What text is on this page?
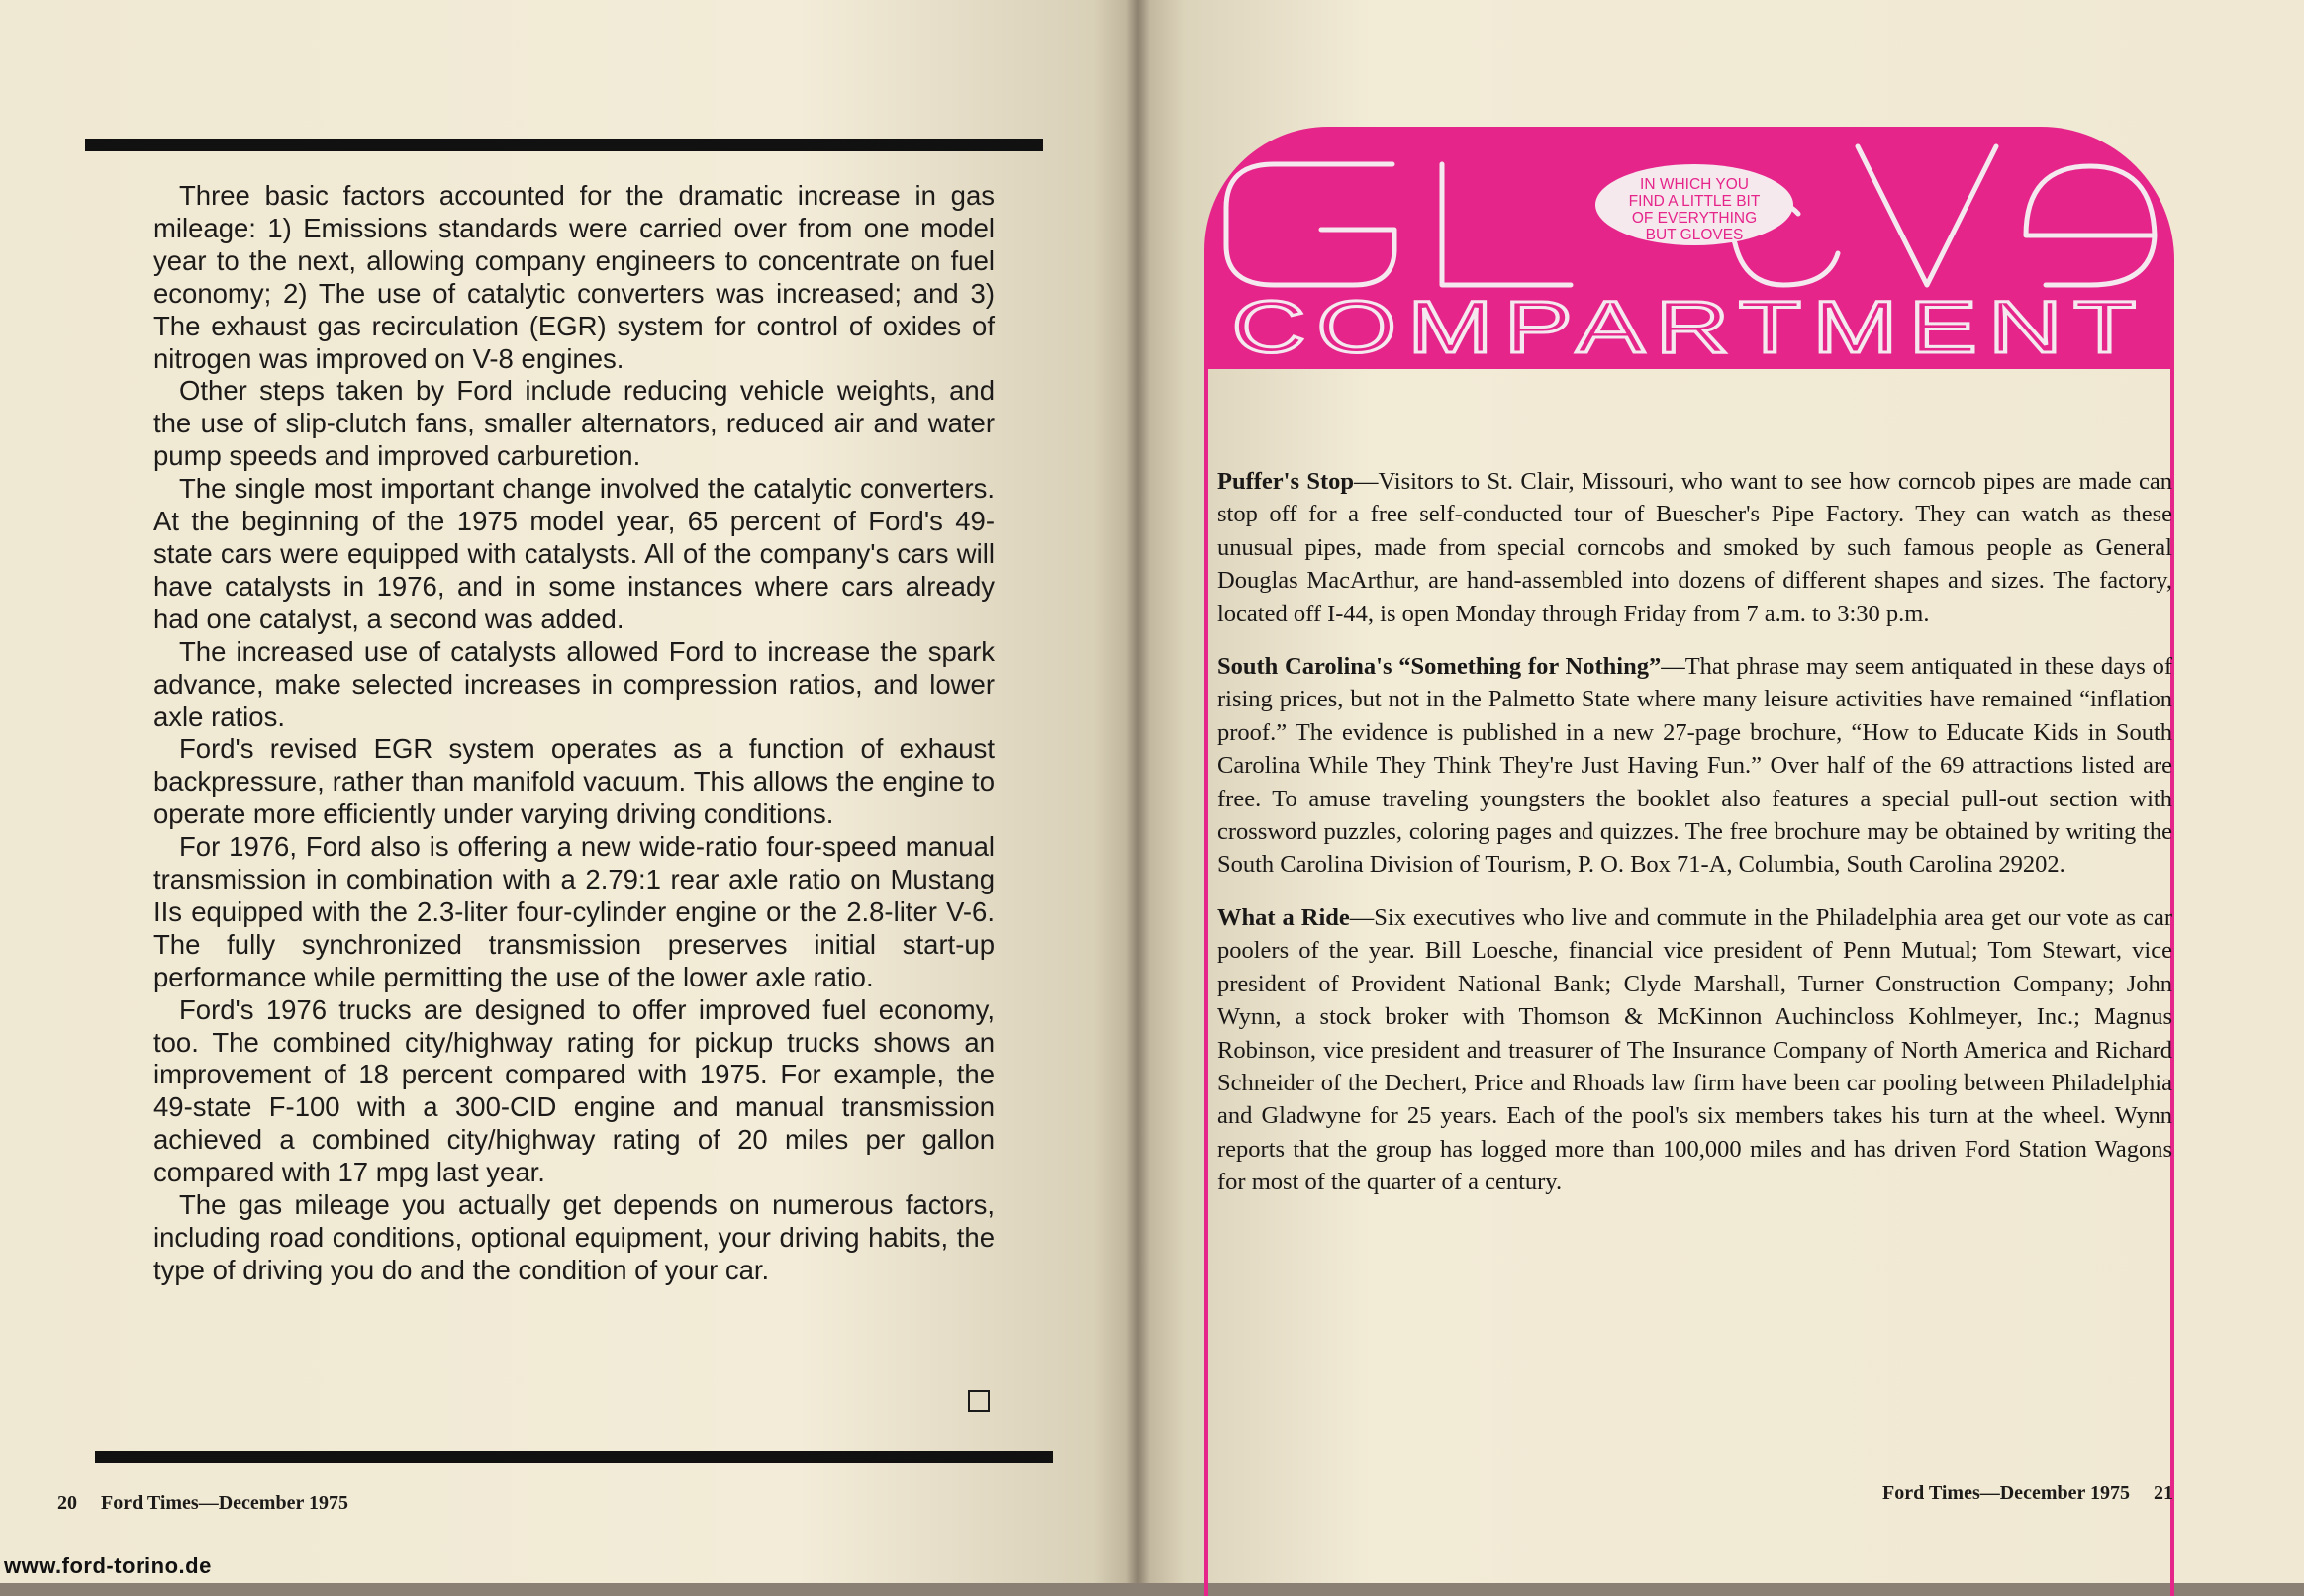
Three basic factors accounted for the dramatic increase in gas mileage: 1) Emissions standards were carried over from one model year to the next, allowing company engineers to concentrate on fuel economy; 2) The use of catalytic converters was increased; and 3) The exhaust gas recirculation (EGR) system for control of oxides of nitrogen was improved on V-8 engines.

Other steps taken by Ford include reducing vehicle weights, and the use of slip-clutch fans, smaller alternators, reduced air and water pump speeds and improved carburetion.

The single most important change involved the catalytic converters. At the beginning of the 1975 model year, 65 percent of Ford's 49-state cars were equipped with catalysts. All of the company's cars will have catalysts in 1976, and in some instances where cars already had one catalyst, a second was added.

The increased use of catalysts allowed Ford to increase the spark advance, make selected increases in compression ratios, and lower axle ratios.

Ford's revised EGR system operates as a function of exhaust backpressure, rather than manifold vacuum. This allows the engine to operate more efficiently under varying driving conditions.

For 1976, Ford also is offering a new wide-ratio four-speed manual transmission in combination with a 2.79:1 rear axle ratio on Mustang IIs equipped with the 2.3-liter four-cylinder engine or the 2.8-liter V-6. The fully synchronized transmission preserves initial start-up performance while permitting the use of the lower axle ratio.

Ford's 1976 trucks are designed to offer improved fuel economy, too. The combined city/highway rating for pickup trucks shows an improvement of 18 percent compared with 1975. For example, the 49-state F-100 with a 300-CID engine and manual transmission achieved a combined city/highway rating of 20 miles per gallon compared with 17 mpg last year.

The gas mileage you actually get depends on numerous factors, including road conditions, optional equipment, your driving habits, the type of driving you do and the condition of your car.

20 Ford Times—December 1975
www.ford-torino.de
COMPARTMENT
IN WHICH YOU
FIND A LITTLE BIT
OF EVERYTHING
BUT GLOVES

Puffer's Stop—Visitors to St. Clair, Missouri, who want to see how corncob pipes are made can stop off for a free self-conducted tour of Buescher's Pipe Factory. They can watch as these unusual pipes, made from special corncobs and smoked by such famous people as General Douglas MacArthur, are hand-assembled into dozens of different shapes and sizes. The factory, located off I-44, is open Monday through Friday from 7 a.m. to 3:30 p.m.

South Carolina's “Something for Nothing”—That phrase may seem antiquated in these days of rising prices, but not in the Palmetto State where many leisure activities have remained “inflation proof.” The evidence is published in a new 27-page brochure, “How to Educate Kids in South Carolina While They Think They're Just Having Fun.” Over half of the 69 attractions listed are free. To amuse traveling youngsters the booklet also features a special pull-out section with crossword puzzles, coloring pages and quizzes. The free brochure may be obtained by writing the South Carolina Division of Tourism, P. O. Box 71-A, Columbia, South Carolina 29202.

What a Ride—Six executives who live and commute in the Philadelphia area get our vote as car poolers of the year. Bill Loesche, financial vice president of Penn Mutual; Tom Stewart, vice president of Provident National Bank; Clyde Marshall, Turner Construction Company; John Wynn, a stock broker with Thomson & McKinnon Auchincloss Kohlmeyer, Inc.; Magnus Robinson, vice president and treasurer of The Insurance Company of North America and Richard Schneider of the Dechert, Price and Rhoads law firm have been car pooling between Philadelphia and Gladwyne for 25 years. Each of the pool's six members takes his turn at the wheel. Wynn reports that the group has logged more than 100,000 miles and has driven Ford Station Wagons for most of the quarter of a century.

Ford Times—December 1975 21
